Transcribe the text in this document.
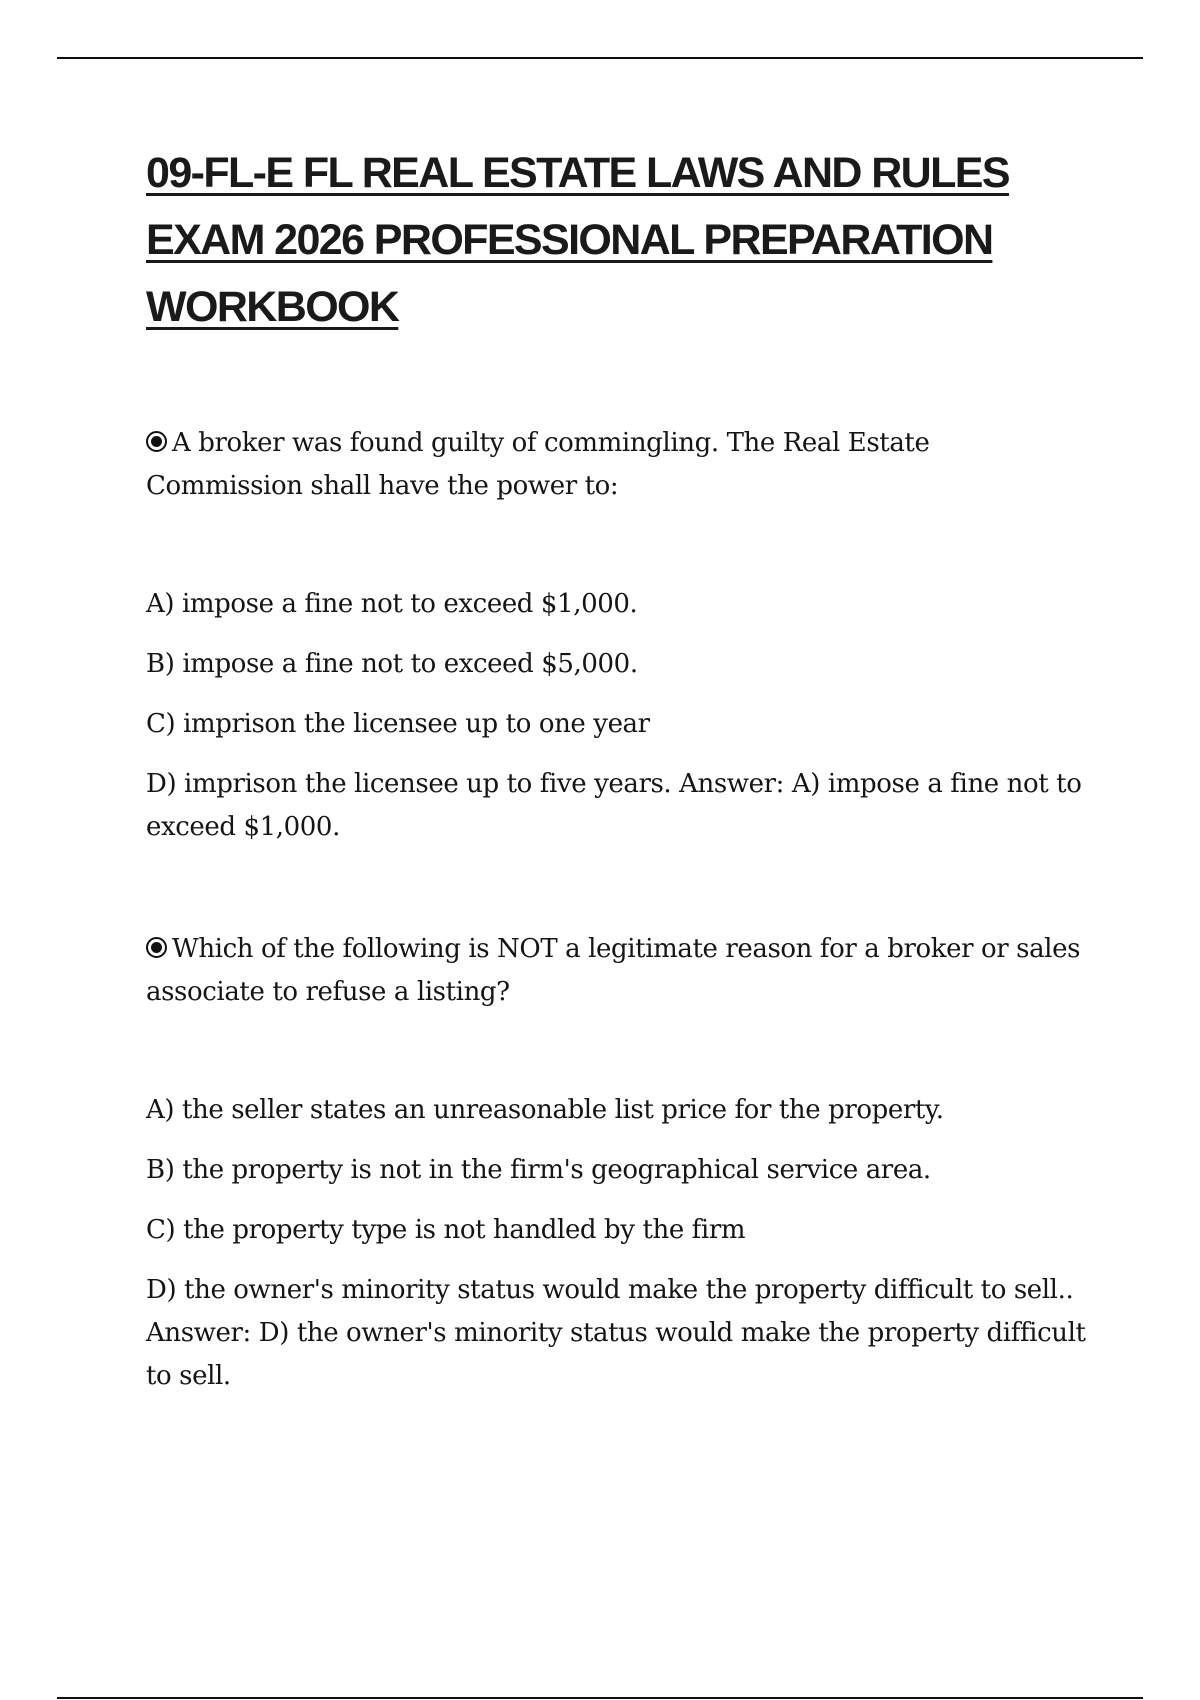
09-FL-E FL REAL ESTATE LAWS AND RULES EXAM 2026 PROFESSIONAL PREPARATION WORKBOOK

A broker was found guilty of commingling. The Real Estate Commission shall have the power to:

A) impose a fine not to exceed $1,000.
B) impose a fine not to exceed $5,000.
C) imprison the licensee up to one year
D) imprison the licensee up to five years. Answer: A) impose a fine not to exceed $1,000.

Which of the following is NOT a legitimate reason for a broker or sales associate to refuse a listing?

A) the seller states an unreasonable list price for the property.
B) the property is not in the firm's geographical service area.
C) the property type is not handled by the firm
D) the owner's minority status would make the property difficult to sell.. Answer: D) the owner's minority status would make the property difficult to sell.
